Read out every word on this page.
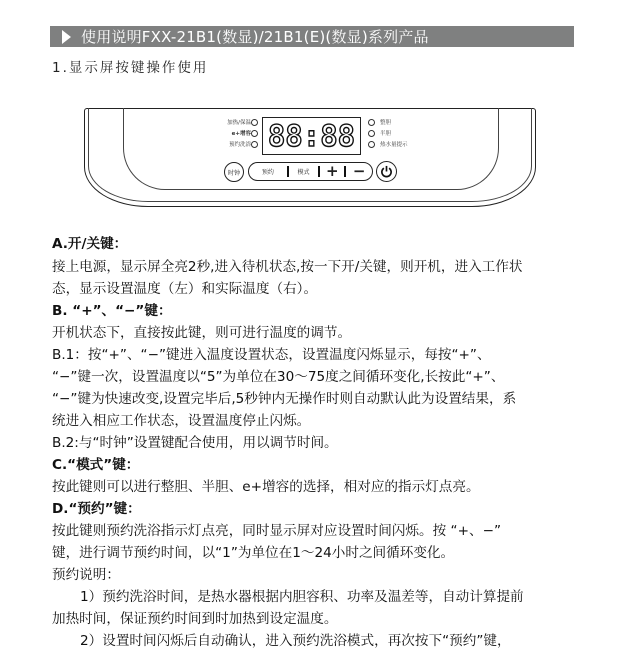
使用说明FXX-21B1(数显)/21B1(E)(数显)系列产品
1.显示屏按键操作使用
加热/保温
e+增容
预约洗浴 88:88	整胆
半胆
热水量提示
时钟	预约	模式	+ −
A.开/关键：
接上电源，显示屏全亮2秒,进入待机状态,按一下开/关键，则开机，进入工作状
态，显示设置温度（左）和实际温度（右）。
B. “+”、“−”键：
开机状态下，直接按此键，则可进行温度的调节。
B.1：按“+”、“−”键进入温度设置状态，设置温度闪烁显示，每按“+”、
“−”键一次，设置温度以“5”为单位在30～75度之间循环变化,长按此“+”、
“−”键为快速改变,设置完毕后,5秒钟内无操作时则自动默认此为设置结果，系
统进入相应工作状态，设置温度停止闪烁。
B.2:与“时钟”设置键配合使用，用以调节时间。
C.“模式”键：
按此键则可以进行整胆、半胆、e+增容的选择，相对应的指示灯点亮。
D.“预约”键：
按此键则预约洗浴指示灯点亮，同时显示屏对应设置时间闪烁。按 “+、−”
键，进行调节预约时间，以“1”为单位在1～24小时之间循环变化。
预约说明：
1）预约洗浴时间，是热水器根据内胆容积、功率及温差等，自动计算提前
加热时间，保证预约时间到时加热到设定温度。
2）设置时间闪烁后自动确认，进入预约洗浴模式，再次按下“预约”键，
